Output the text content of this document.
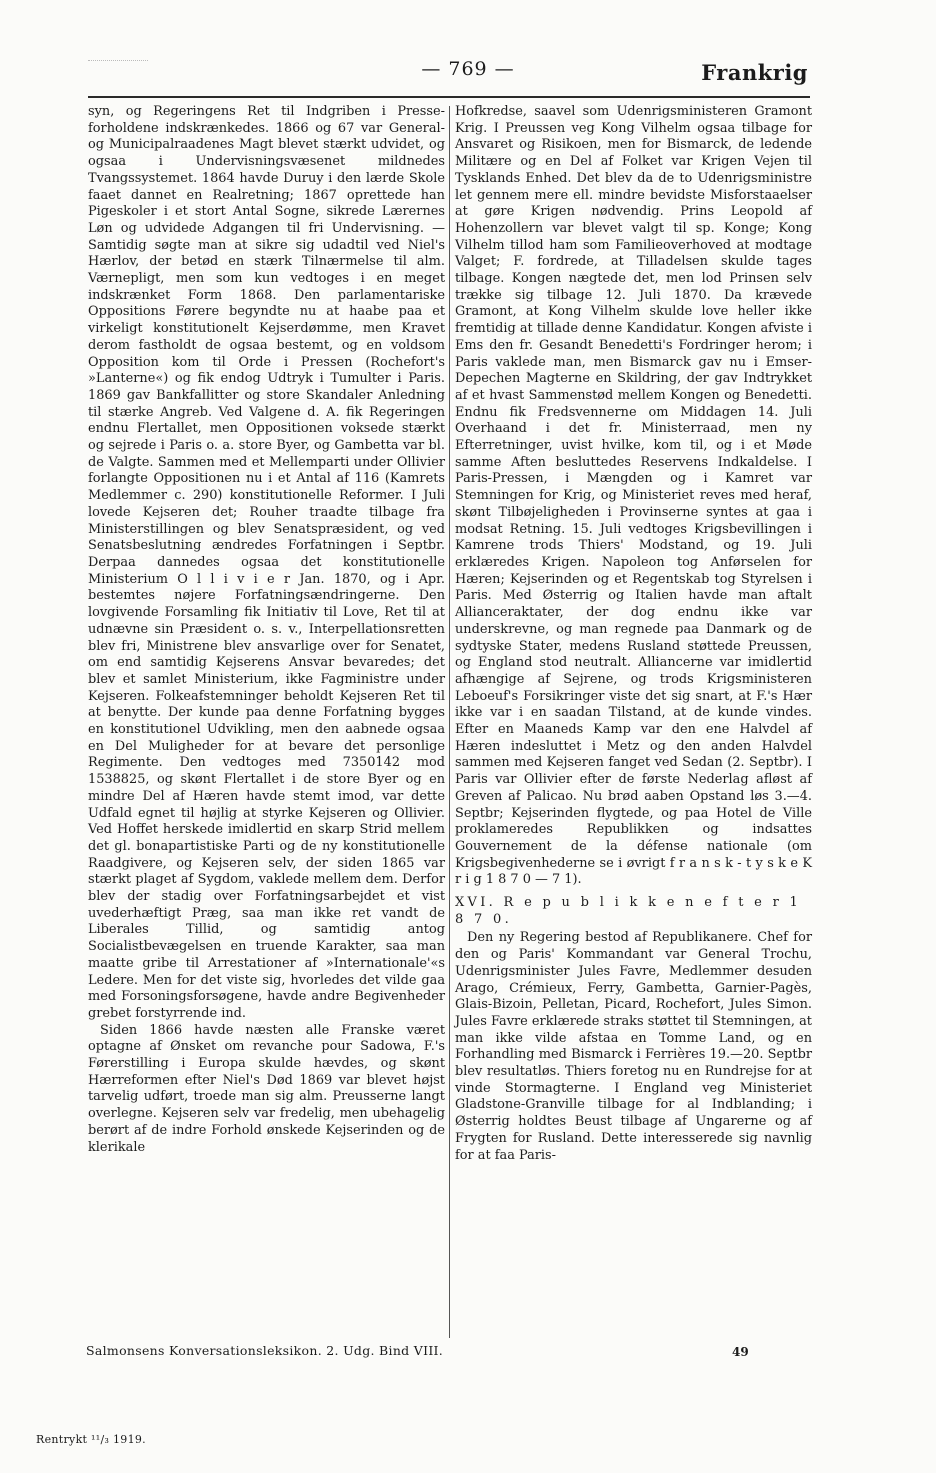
— 769 —	Frankrig

syn, og Regeringens Ret til Indgriben i Presse-forholdene indskrænkedes. 1866 og 67 var General- og Municipalraadenes Magt blevet stærkt udvidet, og ogsaa i Undervisningsvæsenet mildnedes Tvangssystemet. 1864 havde Duruy i den lærde Skole faaet dannet en Realretning; 1867 oprettede han Pigeskoler i et stort Antal Sogne, sikrede Lærernes Løn og udvidede Adgangen til fri Undervisning. — Samtidig søgte man at sikre sig udadtil ved Niel's Hærlov, der betød en stærk Tilnærmelse til alm. Værnepligt, men som kun vedtoges i en meget indskrænket Form 1868. Den parlamentariske Oppositions Førere begyndte nu at haabe paa et virkeligt konstitutionelt Kejserdømme, men Kravet derom fastholdt de ogsaa bestemt, og en voldsom Opposition kom til Orde i Pressen (Rochefort's »Lanterne«) og fik endog Udtryk i Tumulter i Paris. 1869 gav Bankfallitter og store Skandaler Anledning til stærke Angreb. Ved Valgene d. A. fik Regeringen endnu Flertallet, men Oppositionen voksede stærkt og sejrede i Paris o. a. store Byer, og Gambetta var bl. de Valgte. Sammen med et Mellemparti under Ollivier forlangte Oppositionen nu i et Antal af 116 (Kamrets Medlemmer c. 290) konstitutionelle Reformer. I Juli lovede Kejseren det; Rouher traadte tilbage fra Ministerstillingen og blev Senatspræsident, og ved Senatsbeslutning ændredes Forfatningen i Septbr. Derpaa dannedes ogsaa det konstitutionelle Ministerium O l l i v i e r Jan. 1870, og i Apr. bestemtes nøjere Forfatningsændringerne. Den lovgivende Forsamling fik Initiativ til Love, Ret til at udnævne sin Præsident o. s. v., Interpellationsretten blev fri, Ministrene blev ansvarlige over for Senatet, om end samtidig Kejserens Ansvar bevaredes; det blev et samlet Ministerium, ikke Fagministre under Kejseren. Folkeafstemninger beholdt Kejseren Ret til at benytte. Der kunde paa denne Forfatning bygges en konstitutionel Udvikling, men den aabnede ogsaa en Del Muligheder for at bevare det personlige Regimente. Den vedtoges med 7350142 mod 1538825, og skønt Flertallet i de store Byer og en mindre Del af Hæren havde stemt imod, var dette Udfald egnet til højlig at styrke Kejseren og Ollivier. Ved Hoffet herskede imidlertid en skarp Strid mellem det gl. bonapartistiske Parti og de ny konstitutionelle Raadgivere, og Kejseren selv, der siden 1865 var stærkt plaget af Sygdom, vaklede mellem dem. Derfor blev der stadig over Forfatningsarbejdet et vist uvederhæftigt Præg, saa man ikke ret vandt de Liberales Tillid, og samtidig antog Socialistbevægelsen en truende Karakter, saa man maatte gribe til Arrestationer af »Internationale'«s Ledere. Men for det viste sig, hvorledes det vilde gaa med Forsoningsforsøgene, havde andre Begivenheder grebet forstyrrende ind.

Siden 1866 havde næsten alle Franske været optagne af Ønsket om revanche pour Sadowa, F.'s Førerstilling i Europa skulde hævdes, og skønt Hærreformen efter Niel's Død 1869 var blevet højst tarvelig udført, troede man sig alm. Preusserne langt overlegne. Kejseren selv var fredelig, men ubehagelig berørt af de indre Forhold ønskede Kejserinden og de klerikale

Hofkredse, saavel som Udenrigsministeren Gramont Krig. I Preussen veg Kong Vilhelm ogsaa tilbage for Ansvaret og Risikoen, men for Bismarck, de ledende Militære og en Del af Folket var Krigen Vejen til Tysklands Enhed. Det blev da de to Udenrigsministre let gennem mere ell. mindre bevidste Misforstaaelser at gøre Krigen nødvendig. Prins Leopold af Hohenzollern var blevet valgt til sp. Konge; Kong Vilhelm tillod ham som Familieoverhoved at modtage Valget; F. fordrede, at Tilladelsen skulde tages tilbage. Kongen nægtede det, men lod Prinsen selv trække sig tilbage 12. Juli 1870. Da krævede Gramont, at Kong Vilhelm skulde love heller ikke fremtidig at tillade denne Kandidatur. Kongen afviste i Ems den fr. Gesandt Benedetti's Fordringer herom; i Paris vaklede man, men Bismarck gav nu i Emser-Depechen Magterne en Skildring, der gav Indtrykket af et hvast Sammenstød mellem Kongen og Benedetti. Endnu fik Fredsvennerne om Middagen 14. Juli Overhaand i det fr. Ministerraad, men ny Efterretninger, uvist hvilke, kom til, og i et Møde samme Aften besluttedes Reservens Indkaldelse. I Paris-Pressen, i Mængden og i Kamret var Stemningen for Krig, og Ministeriet reves med heraf, skønt Tilbøjeligheden i Provinserne syntes at gaa i modsat Retning. 15. Juli vedtoges Krigsbevillingen i Kamrene trods Thiers' Modstand, og 19. Juli erklæredes Krigen. Napoleon tog Anførselen for Hæren; Kejserinden og et Regentskab tog Styrelsen i Paris. Med Østerrig og Italien havde man aftalt Allianceraktater, der dog endnu ikke var underskrevne, og man regnede paa Danmark og de sydtyske Stater, medens Rusland støttede Preussen, og England stod neutralt. Alliancerne var imidlertid afhængige af Sejrene, og trods Krigsministeren Leboeuf's Forsikringer viste det sig snart, at F.'s Hær ikke var i en saadan Tilstand, at de kunde vindes. Efter en Maaneds Kamp var den ene Halvdel af Hæren indesluttet i Metz og den anden Halvdel sammen med Kejseren fanget ved Sedan (2. Septbr). I Paris var Ollivier efter de første Nederlag afløst af Greven af Palicao. Nu brød aaben Opstand løs 3.—4. Septbr; Kejserinden flygtede, og paa Hotel de Ville proklameredes Republikken og indsattes Gouvernement de la défense nationale (om Krigsbegivenhederne se i øvrigt f r a n s k - t y s k e K r i g 1 8 7 0 — 7 1).

XVI. R e p u b l i k k e n e f t e r 1 8 7 0.

Den ny Regering bestod af Republikanere. Chef for den og Paris' Kommandant var General Trochu, Udenrigsminister Jules Favre, Medlemmer desuden Arago, Crémieux, Ferry, Gambetta, Garnier-Pagès, Glais-Bizoin, Pelletan, Picard, Rochefort, Jules Simon. Jules Favre erklærede straks støttet til Stemningen, at man ikke vilde afstaa en Tomme Land, og en Forhandling med Bismarck i Ferrières 19.—20. Septbr blev resultatløs. Thiers foretog nu en Rundrejse for at vinde Stormagterne. I England veg Ministeriet Gladstone-Granville tilbage for al Indblanding; i Østerrig holdtes Beust tilbage af Ungarerne og af Frygten for Rusland. Dette interesserede sig navnlig for at faa Paris-

Salmonsens Konversationsleksikon. 2. Udg. Bind VIII.	49
Rentrykt ¹¹/₃ 1919.
